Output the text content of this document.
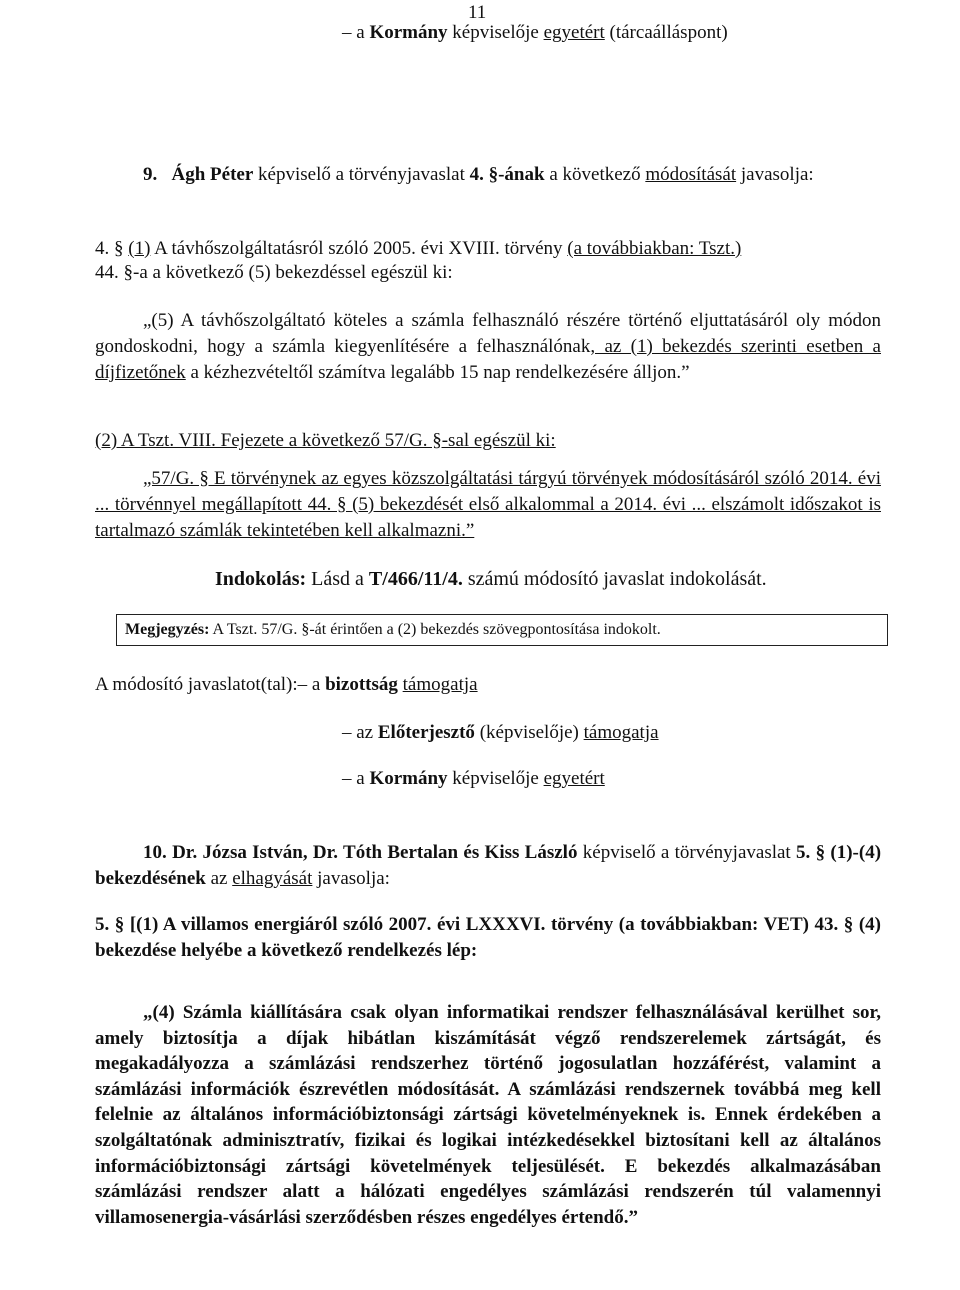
11
– a Kormány képviselője egyetért (tárcaálláspont)
9. Ágh Péter képviselő a törvényjavaslat 4. §-ának a következő módosítását javasolja:
4. § (1) A távhőszolgáltatásról szóló 2005. évi XVIII. törvény (a továbbiakban: Tszt.)
44. §-a a következő (5) bekezdéssel egészül ki:
„(5) A távhőszolgáltató köteles a számla felhasználó részére történő eljuttatásáról oly módon gondoskodni, hogy a számla kiegyenlítésére a felhasználónak, az (1) bekezdés szerinti esetben a díjfizetőnek a kézhezvételtől számítva legalább 15 nap rendelkezésére álljon.”
(2) A Tszt. VIII. Fejezete a következő 57/G. §-sal egészül ki:
„57/G. § E törvénynek az egyes közszolgáltatási tárgyú törvények módosításáról szóló 2014. évi ... törvénnyel megállapított 44. § (5) bekezdését első alkalommal a 2014. évi ... elszámolt időszakot is tartalmazó számlák tekintetében kell alkalmazni.”
Indokolás: Lásd a T/466/11/4. számú módosító javaslat indokolását.
Megjegyzés: A Tszt. 57/G. §-át érintően a (2) bekezdés szövegpontosítása indokolt.
A módosító javaslatot(tal):– a bizottság támogatja
– az Előterjesztő (képviselője) támogatja
– a Kormány képviselője egyetért
10. Dr. Józsa István, Dr. Tóth Bertalan és Kiss László képviselő a törvényjavaslat 5. § (1)-(4) bekezdésének az elhagyását javasolja:
5. § [(1) A villamos energiáról szóló 2007. évi LXXXVI. törvény (a továbbiakban: VET) 43. § (4) bekezdése helyébe a következő rendelkezés lép:
„(4) Számla kiállítására csak olyan informatikai rendszer felhasználásával kerülhet sor, amely biztosítja a díjak hibátlan kiszámítását végző rendszerelemek zártságát, és megakadályozza a számlázási rendszerhez történő jogosulatlan hozzáférést, valamint a számlázási információk észrevétlen módosítását. A számlázási rendszernek továbbá meg kell felelnie az általános információbiztonsági zártsági követelményeknek is. Ennek érdekében a szolgáltatónak adminisztratív, fizikai és logikai intézkedésekkel biztosítani kell az általános információbiztonsági zártsági követelmények teljesülését. E bekezdés alkalmazásában számlázási rendszer alatt a hálózati engedélyes számlázási rendszerén túl valamennyi villamosenergia-vásárlási szerződésben részes engedélyes értendő.”
